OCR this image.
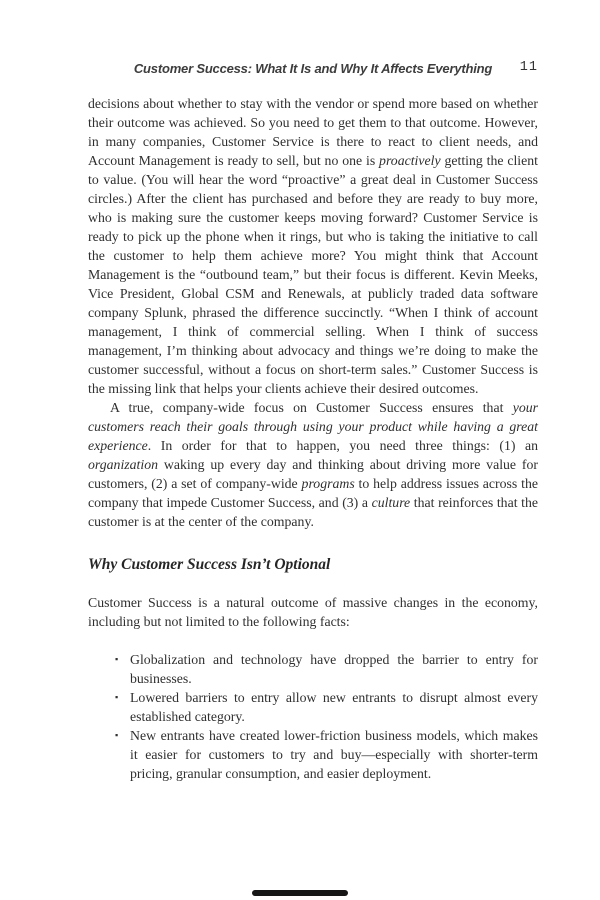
Customer Success: What It Is and Why It Affects Everything 11

decisions about whether to stay with the vendor or spend more based on whether their outcome was achieved. So you need to get them to that outcome. However, in many companies, Customer Service is there to react to client needs, and Account Management is ready to sell, but no one is proactively getting the client to value. (You will hear the word “proactive” a great deal in Customer Success circles.) After the client has purchased and before they are ready to buy more, who is making sure the customer keeps moving forward? Customer Service is ready to pick up the phone when it rings, but who is taking the initiative to call the customer to help them achieve more? You might think that Account Management is the “outbound team,” but their focus is different. Kevin Meeks, Vice President, Global CSM and Renewals, at publicly traded data software company Splunk, phrased the difference succinctly. “When I think of account management, I think of commercial selling. When I think of success management, I’m thinking about advocacy and things we’re doing to make the customer successful, without a focus on short-term sales.” Customer Success is the missing link that helps your clients achieve their desired outcomes.

A true, company-wide focus on Customer Success ensures that your customers reach their goals through using your product while having a great experience. In order for that to happen, you need three things: (1) an organization waking up every day and thinking about driving more value for customers, (2) a set of company-wide programs to help address issues across the company that impede Customer Success, and (3) a culture that reinforces that the customer is at the center of the company.

Why Customer Success Isn’t Optional

Customer Success is a natural outcome of massive changes in the economy, including but not limited to the following facts:

▪ Globalization and technology have dropped the barrier to entry for businesses.
▪ Lowered barriers to entry allow new entrants to disrupt almost every established category.
▪ New entrants have created lower-friction business models, which makes it easier for customers to try and buy—especially with shorter-term pricing, granular consumption, and easier deployment.
